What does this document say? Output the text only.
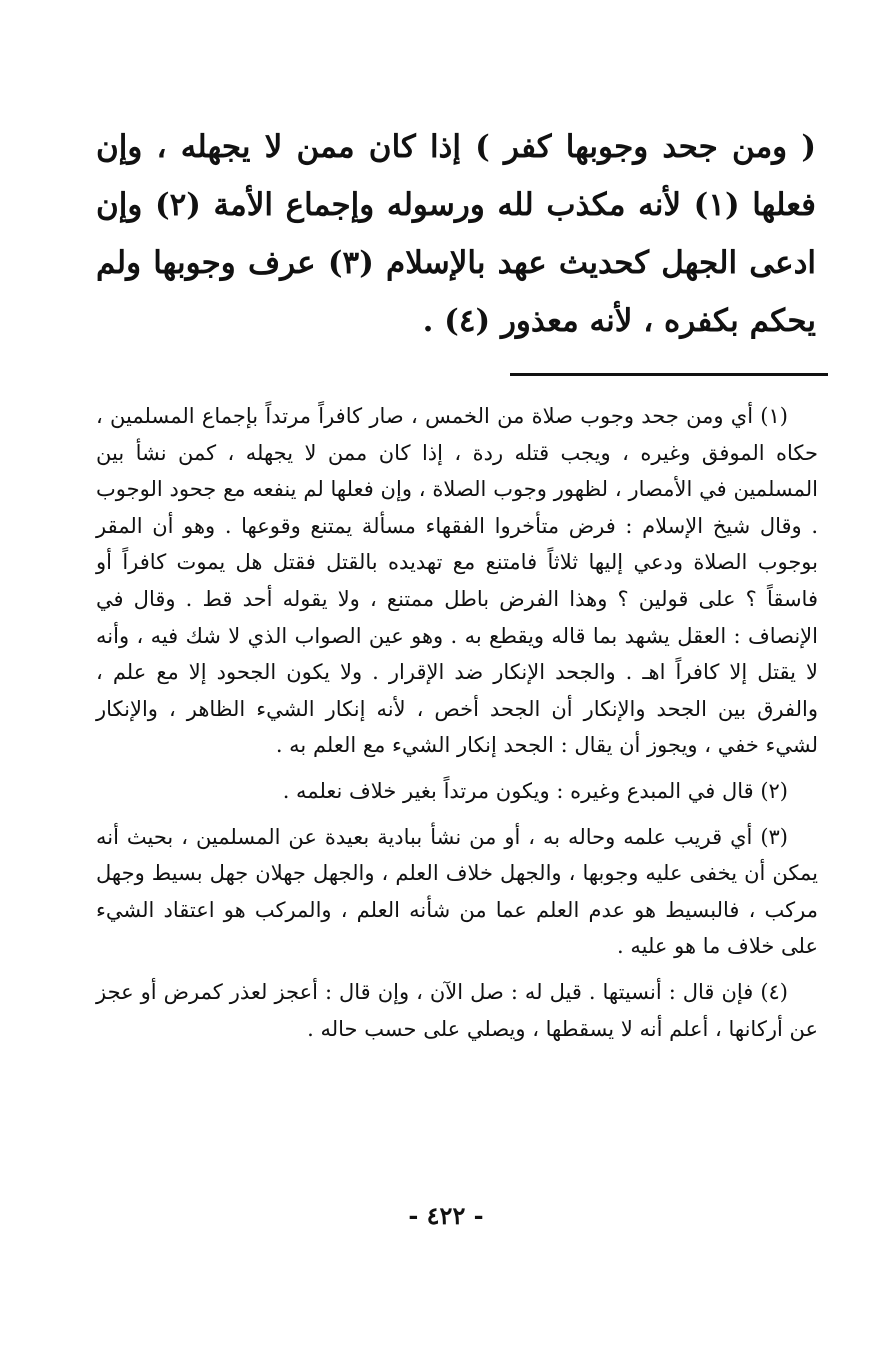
( ومن جحد وجوبها كفر ) إذا كان ممن لا يجهله ، وإن فعلها (١) لأنه مكذب لله ورسوله وإجماع الأمة (٢) وإن ادعى الجهل كحديث عهد بالإسلام (٣) عرف وجوبها ولم يحكم بكفره ، لأنه معذور (٤) .

(١) أي ومن جحد وجوب صلاة من الخمس ، صار كافراً مرتداً بإجماع المسلمين ، حكاه الموفق وغيره ، ويجب قتله ردة ، إذا كان ممن لا يجهله ، كمن نشأ بين المسلمين في الأمصار ، لظهور وجوب الصلاة ، وإن فعلها لم ينفعه مع جحود الوجوب . وقال شيخ الإسلام : فرض متأخروا الفقهاء مسألة يمتنع وقوعها . وهو أن المقر بوجوب الصلاة ودعي إليها ثلاثاً فامتنع مع تهديده بالقتل فقتل هل يموت كافراً أو فاسقاً ؟ على قولين ؟ وهذا الفرض باطل ممتنع ، ولا يقوله أحد قط . وقال في الإنصاف : العقل يشهد بما قاله ويقطع به . وهو عين الصواب الذي لا شك فيه ، وأنه لا يقتل إلا كافراً اهـ . والجحد الإنكار ضد الإقرار . ولا يكون الجحود إلا مع علم ، والفرق بين الجحد والإنكار أن الجحد أخص ، لأنه إنكار الشيء الظاهر ، والإنكار لشيء خفي ، ويجوز أن يقال : الجحد إنكار الشيء مع العلم به .

(٢) قال في المبدع وغيره : ويكون مرتداً بغير خلاف نعلمه .

(٣) أي قريب علمه وحاله به ، أو من نشأ ببادية بعيدة عن المسلمين ، بحيث أنه يمكن أن يخفى عليه وجوبها ، والجهل خلاف العلم ، والجهل جهلان جهل بسيط وجهل مركب ، فالبسيط هو عدم العلم عما من شأنه العلم ، والمركب هو اعتقاد الشيء على خلاف ما هو عليه .

(٤) فإن قال : أنسيتها . قيل له : صل الآن ، وإن قال : أعجز لعذر كمرض أو عجز عن أركانها ، أعلم أنه لا يسقطها ، ويصلي على حسب حاله .

- ٤٢٢ -
